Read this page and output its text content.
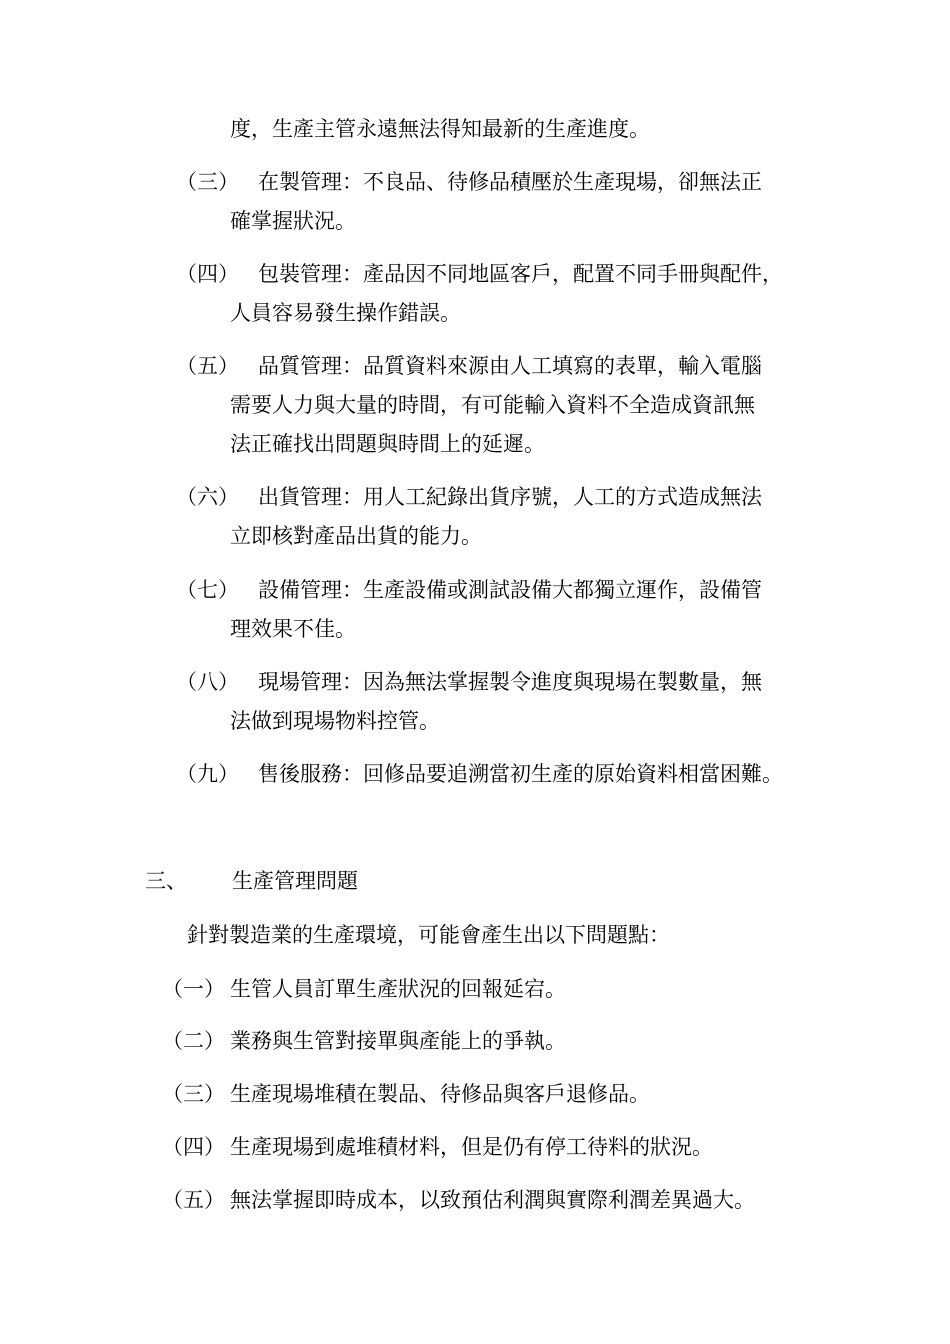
度，生產主管永遠無法得知最新的生產進度。
（三） 在製管理：不良品、待修品積壓於生產現場，卻無法正
確掌握狀況。
（四） 包裝管理：產品因不同地區客戶，配置不同手冊與配件，
人員容易發生操作錯誤。
（五） 品質管理：品質資料來源由人工填寫的表單，輸入電腦
需要人力與大量的時間，有可能輸入資料不全造成資訊無
法正確找出問題與時間上的延遲。
（六） 出貨管理：用人工紀錄出貨序號，人工的方式造成無法
立即核對產品出貨的能力。
（七） 設備管理：生產設備或測試設備大都獨立運作，設備管
理效果不佳。
（八） 現場管理：因為無法掌握製令進度與現場在製數量，無
法做到現場物料控管。
（九） 售後服務：回修品要追溯當初生產的原始資料相當困難。
三、 生產管理問題
針對製造業的生產環境，可能會產生出以下問題點：
（一） 生管人員訂單生產狀況的回報延宕。
（二） 業務與生管對接單與產能上的爭執。
（三） 生產現場堆積在製品、待修品與客戶退修品。
（四） 生產現場到處堆積材料，但是仍有停工待料的狀況。
（五） 無法掌握即時成本，以致預估利潤與實際利潤差異過大。
